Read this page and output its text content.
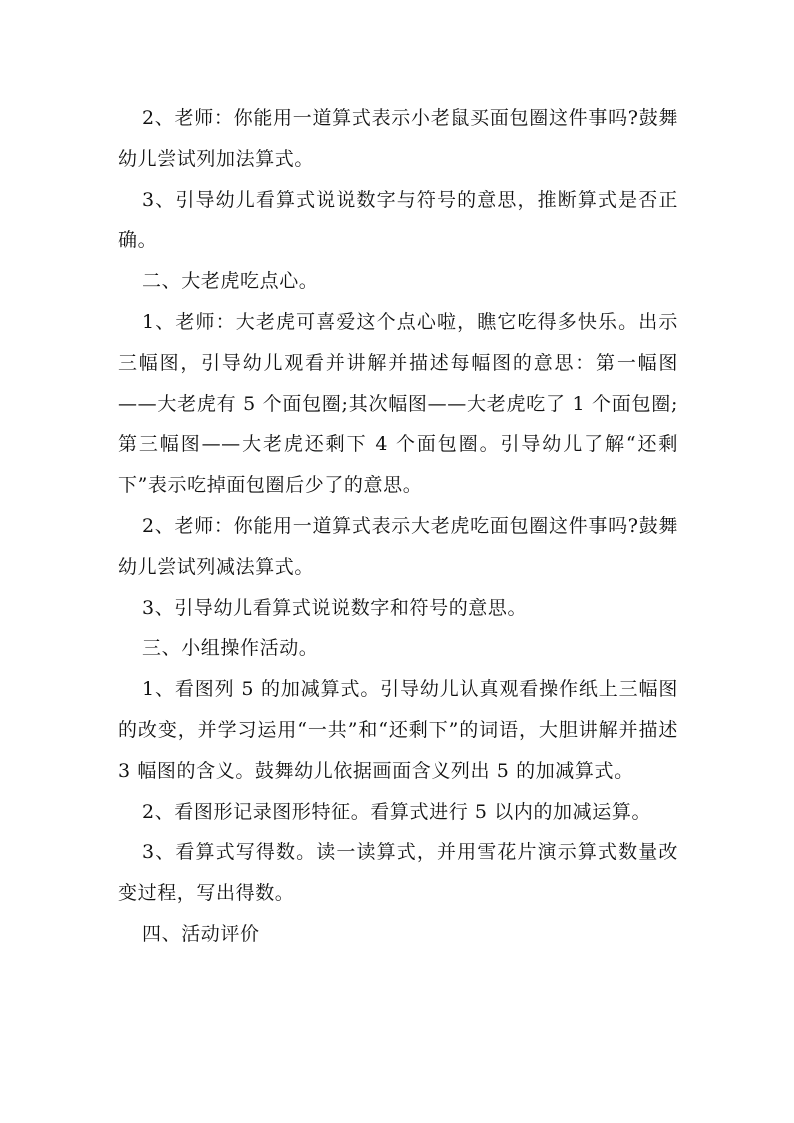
2、老师：你能用一道算式表示小老鼠买面包圈这件事吗?鼓舞幼儿尝试列加法算式。

3、引导幼儿看算式说说数字与符号的意思，推断算式是否正确。

二、大老虎吃点心。

1、老师：大老虎可喜爱这个点心啦，瞧它吃得多快乐。出示三幅图，引导幼儿观看并讲解并描述每幅图的意思：第一幅图——大老虎有 5 个面包圈;其次幅图——大老虎吃了 1 个面包圈;第三幅图——大老虎还剩下 4 个面包圈。引导幼儿了解“还剩下”表示吃掉面包圈后少了的意思。

2、老师：你能用一道算式表示大老虎吃面包圈这件事吗?鼓舞幼儿尝试列减法算式。

3、引导幼儿看算式说说数字和符号的意思。

三、小组操作活动。

1、看图列 5 的加减算式。引导幼儿认真观看操作纸上三幅图的改变，并学习运用“一共”和“还剩下”的词语，大胆讲解并描述 3 幅图的含义。鼓舞幼儿依据画面含义列出 5 的加减算式。

2、看图形记录图形特征。看算式进行 5 以内的加减运算。

3、看算式写得数。读一读算式，并用雪花片演示算式数量改变过程，写出得数。

四、活动评价
